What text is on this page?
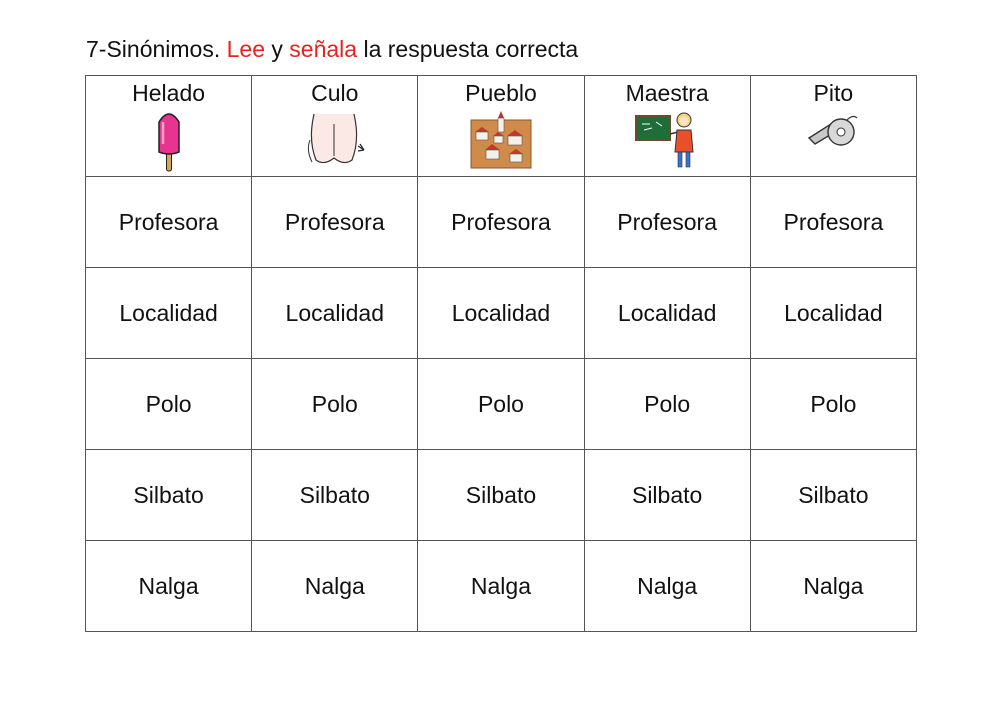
7-Sinónimos. Lee y señala la respuesta correcta
Helado	Culo	Pueblo	Maestra	Pito

Profesora	Profesora	Profesora	Profesora	Profesora
Localidad	Localidad	Localidad	Localidad	Localidad
Polo	Polo	Polo	Polo	Polo
Silbato	Silbato	Silbato	Silbato	Silbato
Nalga	Nalga	Nalga	Nalga	Nalga
